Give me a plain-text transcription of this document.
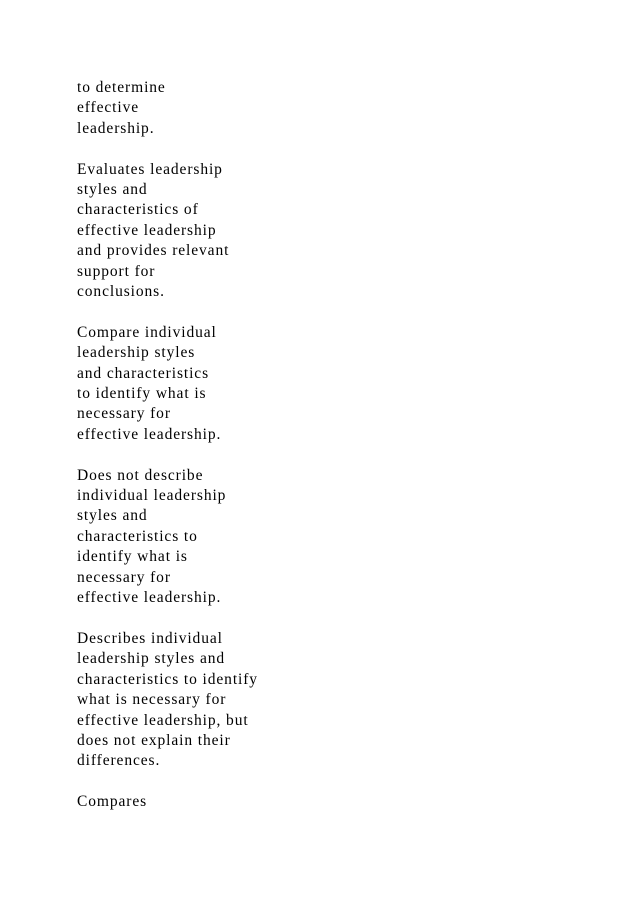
to determine
effective
leadership.
Evaluates leadership
styles and
characteristics of
effective leadership
and provides relevant
support for
conclusions.
Compare individual
leadership styles
and characteristics
to identify what is
necessary for
effective leadership.
Does not describe
individual leadership
styles and
characteristics to
identify what is
necessary for
effective leadership.
Describes individual
leadership styles and
characteristics to identify
what is necessary for
effective leadership, but
does not explain their
differences.
Compares
